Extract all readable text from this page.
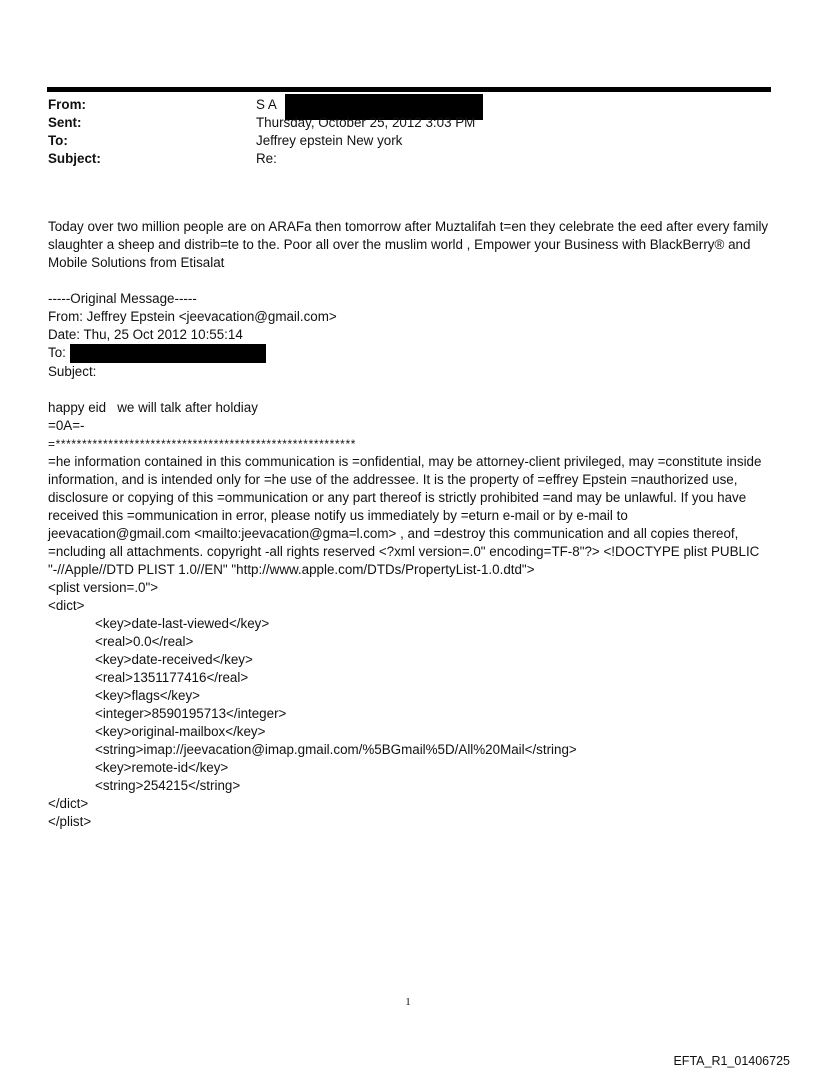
From:	S A
Sent:	Thursday, October 25, 2012 3:03 PM
To:	Jeffrey epstein New york
Subject:	Re:

Today over two million people are on ARAFa then tomorrow after Muztalifah t=en they celebrate the eed after every family slaughter a sheep and distrib=te to the. Poor all over the muslim world , Empower your Business with BlackBerry® and Mobile Solutions from Etisalat

-----Original Message-----
From: Jeffrey Epstein <jeevacation@gmail.com>
Date: Thu, 25 Oct 2012 10:55:14
To:
Subject:
happy eid   we will talk after holdiay
=0A=-
=*********************************************************

=he information contained in this communication is =onfidential, may be attorney-client privileged, may =constitute inside information, and is intended only for =he use of the addressee. It is the property of =effrey Epstein =nauthorized use, disclosure or copying of this =ommunication or any part thereof is strictly prohibited =and may be unlawful. If you have received this =ommunication in error, please notify us immediately by =eturn e-mail or by e-mail to jeevacation@gmail.com <mailto:jeevacation@gma=l.com> , and =destroy this communication and all copies thereof, =ncluding all attachments. copyright -all rights reserved <?xml version=.0" encoding=TF-8"?> <!DOCTYPE plist PUBLIC "-//Apple//DTD PLIST 1.0//EN" "http://www.apple.com/DTDs/PropertyList-1.0.dtd">

<plist version=.0">
<dict>
<key>date-last-viewed</key>
<real>0.0</real>
<key>date-received</key>
<real>1351177416</real>
<key>flags</key>
<integer>8590195713</integer>
<key>original-mailbox</key>
<string>imap://jeevacation@imap.gmail.com/%5BGmail%5D/All%20Mail</string>
<key>remote-id</key>
<string>254215</string>
</dict>
</plist>
1
EFTA_R1_01406725
